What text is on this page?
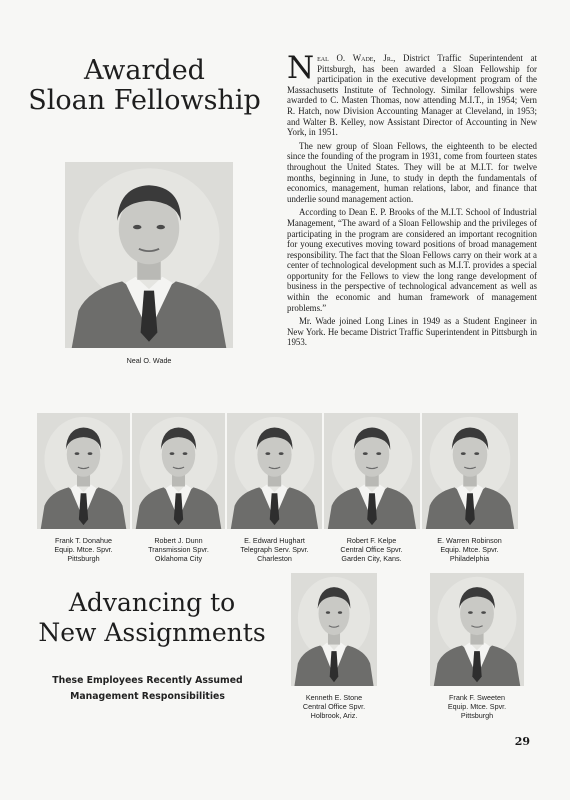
Awarded
Sloan Fellowship
Neal O. Wade

Neal O. Wade, Jr., District Traffic Superintendent at Pittsburgh, has been awarded a Sloan Fellowship for participation in the executive development program of the Massachusetts Institute of Technology. Similar fellowships were awarded to C. Masten Thomas, now attending M.I.T., in 1954; Vern R. Hatch, now Division Accounting Manager at Cleveland, in 1953; and Walter B. Kelley, now Assistant Director of Accounting in New York, in 1951.

The new group of Sloan Fellows, the eighteenth to be elected since the founding of the program in 1931, come from fourteen states throughout the United States. They will be at M.I.T. for twelve months, beginning in June, to study in depth the fundamentals of economics, management, human relations, labor, and finance that underlie sound management action.

According to Dean E. P. Brooks of the M.I.T. School of Industrial Management, “The award of a Sloan Fellowship and the privileges of participating in the program are considered an important recognition for young executives moving toward positions of broad management responsibility. The fact that the Sloan Fellows carry on their work at a center of technological development such as M.I.T. provides a special opportunity for the Fellows to view the long range development of business in the perspective of technological advancement as well as within the economic and human framework of management problems.”

Mr. Wade joined Long Lines in 1949 as a Student Engineer in New York. He became District Traffic Superintendent in Pittsburgh in 1953.

Frank T. Donahue
Equip. Mtce. Spvr.
Pittsburgh
Robert J. Dunn
Transmission Spvr.
Oklahoma City
E. Edward Hughart
Telegraph Serv. Spvr.
Charleston
Robert F. Kelpe
Central Office Spvr.
Garden City, Kans.
E. Warren Robinson
Equip. Mtce. Spvr.
Philadelphia
Advancing to
New Assignments
These Employees Recently Assumed
Management Responsibilities	Kenneth E. Stone
Central Office Spvr.
Holbrook, Ariz.
Frank F. Sweeten
Equip. Mtce. Spvr.
Pittsburgh
29
